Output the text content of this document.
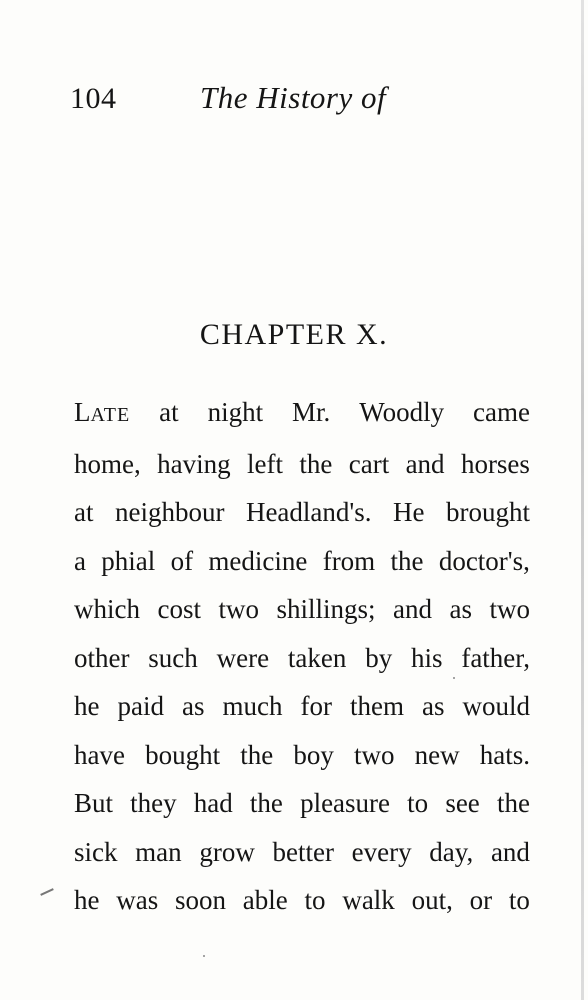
104	The History of
CHAPTER X.
LATE at night Mr. Woodly came
home, having left the cart and horses
at neighbour Headland's. He brought
a phial of medicine from the doctor's,
which cost two shillings; and as two
other such were taken by his father,
he paid as much for them as would
have bought the boy two new hats.
But they had the pleasure to see the
sick man grow better every day, and
he was soon able to walk out, or to
